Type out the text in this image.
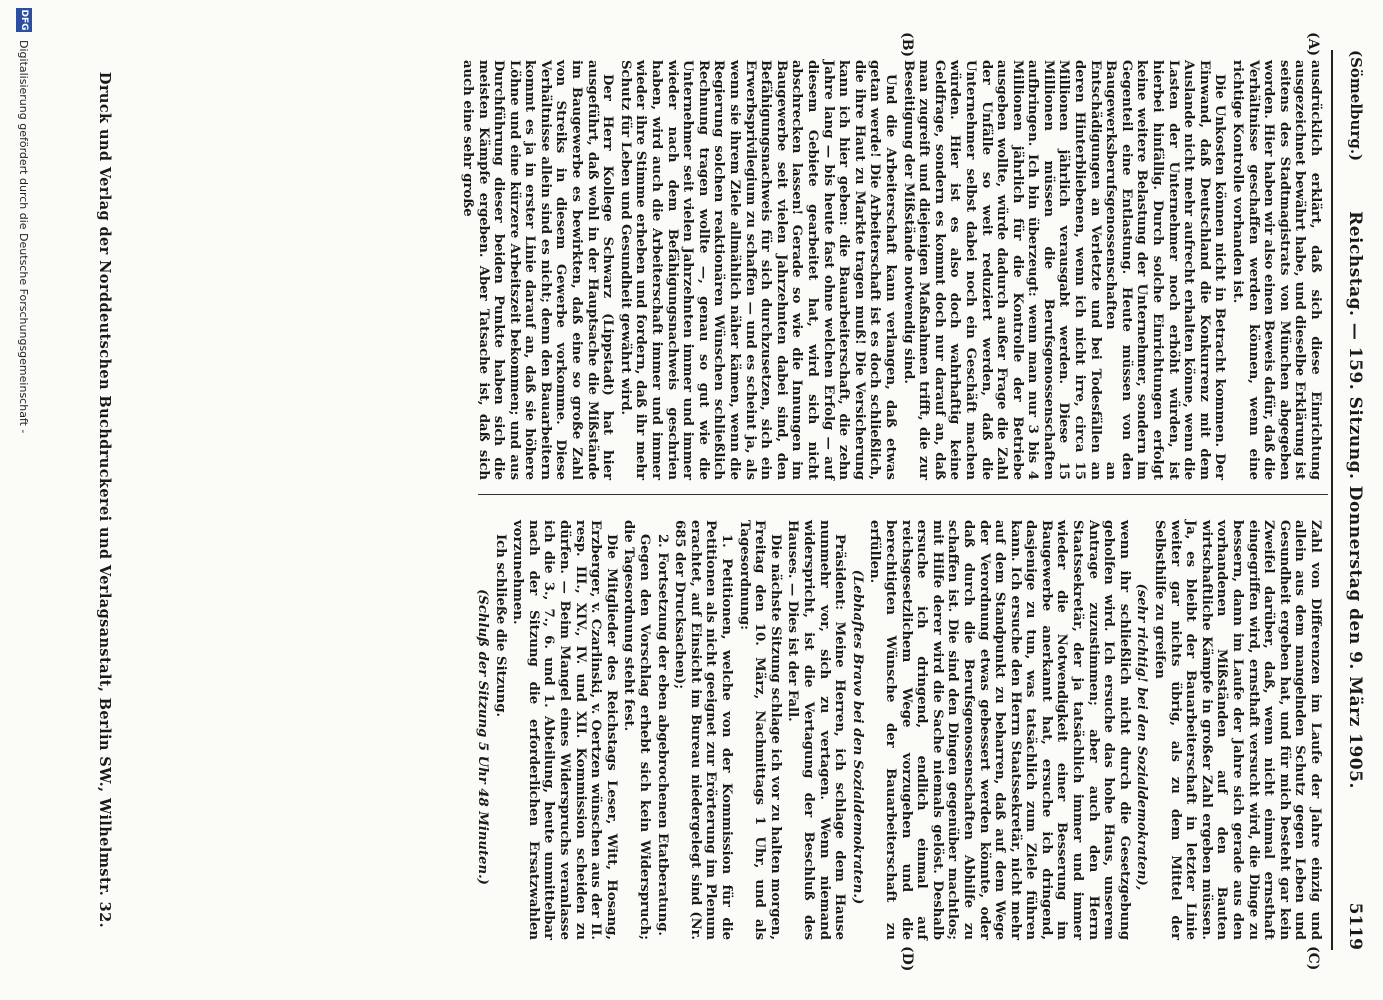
(Sömelburg.)
Reichstag. — 159. Sitzung. Donnerstag den 9. März 1905.
5119
(A)
(B)
(C)
(D)

ausdrücklich erklärt, daß sich diese Einrichtung ausgezeichnet bewährt habe, und dieselbe Erklärung ist seitens des Stadtmagistrats von München abgegeben worden. Hier haben wir also einen Beweis dafür, daß die Verhältnisse geschaffen werden können, wenn eine richtige Kontrolle vorhanden ist.

Die Unkosten können nicht in Betracht kommen. Der Einwand, daß Deutschland die Konkurrenz mit dem Auslande nicht mehr aufrecht erhalten könne, wenn die Lasten der Unternehmer noch erhöht würden, ist hierbei hinfällig. Durch solche Einrichtungen erfolgt keine weitere Belastung der Unternehmer, sondern im Gegenteil eine Entlastung. Heute müssen von den Baugewerksberufsgenossenschaften an Entschädigungen an Verletzte und bei Todesfällen an deren Hinterbliebenen, wenn ich nicht irre, circa 15 Millionen jährlich verausgabt werden. Diese 15 Millionen müssen die Berufsgenossenschaften aufbringen. Ich bin überzeugt: wenn man nur 3 bis 4 Millionen jährlich für die Kontrolle der Betriebe ausgeben wollte, würde dadurch außer Frage die Zahl der Unfälle so weit reduziert werden, daß die Unternehmer selbst dabei noch ein Geschäft machen würden. Hier ist es also doch wahrhaftig keine Geldfrage, sondern es kommt doch nur darauf an, daß man zugreift und diejenigen Maßnahmen trifft, die zur Beseitigung der Mißstände notwendig sind.

Und die Arbeiterschaft kann verlangen, daß etwas getan werde! Die Arbeiterschaft ist es doch schließlich, die ihre Haut zu Markte tragen muß! Die Versicherung kann ich hier geben: die Bauarbeiterschaft, die zehn Jahre lang — bis heute fast ohne welchen Erfolg — auf diesem Gebiete gearbeitet hat, wird sich nicht abschrecken lassen! Gerade so wie die Innungen im Baugewerbe seit vielen Jahrzehnten dabei sind, den Befähigungsnachweis für sich durchzusetzen, sich ein Erwerbsprivilegium zu schaffen — und es scheint ja, als wenn sie ihrem Ziele allmählich näher kämen, wenn die Regierung solchen reaktionären Wünschen schließlich Rechnung tragen wollte —, genau so gut wie die Unternehmer seit vielen Jahrzehnten immer und immer wieder nach dem Befähigungsnachweis geschrien haben, wird auch die Arbeiterschaft immer und immer wieder ihre Stimme erheben und fordern, daß ihr mehr Schutz für Leben und Gesundheit gewährt wird.

Der Herr Kollege Schwarz (Lippstadt) hat hier ausgeführt, daß wohl in der Hauptsache die Mißstände im Baugewerbe es bewirkten, daß eine so große Zahl von Streiks in diesem Gewerbe vorkomme. Diese Verhältnisse allein sind es nicht; denn den Bauarbeitern kommt es ja in erster Linie darauf an, daß sie höhere Löhne und eine kürzere Arbeitszeit bekommen; und aus Durchführung dieser beiden Punkte haben sich die meisten Kämpfe ergeben. Aber Tatsache ist, daß sich auch eine sehr große

Zahl von Differenzen im Laufe der Jahre einzig und allein aus dem mangelnden Schutz gegen Leben und Gesundheit ergeben hat, und für mich besteht gar kein Zweifel darüber, daß, wenn nicht einmal ernsthaft eingegriffen wird, ernsthaft versucht wird, die Dinge zu bessern, dann im Laufe der Jahre sich gerade aus den vorhandenen Mißständen auf den Bauten wirtschaftliche Kämpfe in großer Zahl ergeben müssen. Ja, es bleibt der Bauarbeiterschaft in letzter Linie weiter gar nichts übrig, als zu dem Mittel der Selbsthilfe zu greifen

(sehr richtig! bei den Sozialdemokraten),

wenn ihr schließlich nicht durch die Gesetzgebung geholfen wird. Ich ersuche das hohe Haus, unserem Antrage zuzustimmen; aber auch den Herrn Staatssekretär, der ja tatsächlich immer und immer wieder die Notwendigkeit einer Besserung im Baugewerbe anerkannt hat, ersuche ich dringend, dasjenige zu tun, was tatsächlich zum Ziele führen kann. Ich ersuche den Herrn Staatssekretär, nicht mehr auf dem Standpunkt zu beharren, daß auf dem Wege der Verordnung etwas gebessert werden könnte, oder daß durch die Berufsgenossenschaften Abhilfe zu schaffen ist. Die sind den Dingen gegenüber machtlos; mit Hilfe derer wird die Sache niemals gelöst. Deshalb ersuche ich dringend, endlich einmal auf reichsgesetzlichem Wege vorzugehen und die berechtigten Wünsche der Bauarbeiterschaft zu erfüllen.

(Lebhaftes Bravo bei den Sozialdemokraten.)

Präsident: Meine Herren, ich schlage dem Hause nunmehr vor, sich zu vertagen. Wenn niemand widerspricht, ist die Vertagung der Beschluß des Hauses. — Dies ist der Fall.

Die nächste Sitzung schlage ich vor zu halten morgen, Freitag den 10. März, Nachmittags 1 Uhr, und als Tagesordnung:

1. Petitionen, welche von der Kommission für die Petitionen als nicht geeignet zur Erörterung im Plenum erachtet, auf Einsicht im Bureau niedergelegt sind (Nr. 685 der Drucksachen);

2. Fortsetzung der eben abgebrochenen Etatberatung.

Gegen den Vorschlag erhebt sich kein Widerspruch; die Tagesordnung steht fest.

Die Mitglieder des Reichstags Leser, Witt, Hosang, Erzberger, v. Czarlinski, v. Oertzen wünschen aus der II. resp. III., XIV., IV. und XII. Kommission scheiden zu dürfen. — Beim Mangel eines Widerspruchs veranlasse ich die 3., 7., 6. und 1. Abteilung, heute unmittelbar nach der Sitzung die erforderlichen Ersatzwahlen vorzunehmen.

Ich schließe die Sitzung.

(Schluß der Sitzung 5 Uhr 48 Minuten.)

Druck und Verlag der Norddeutschen Buchdruckerei und Verlagsanstalt, Berlin SW., Wilhelmstr. 32.
DFG
Digitalisierung gefördert durch die Deutsche Forschungsgemeinschaft -
